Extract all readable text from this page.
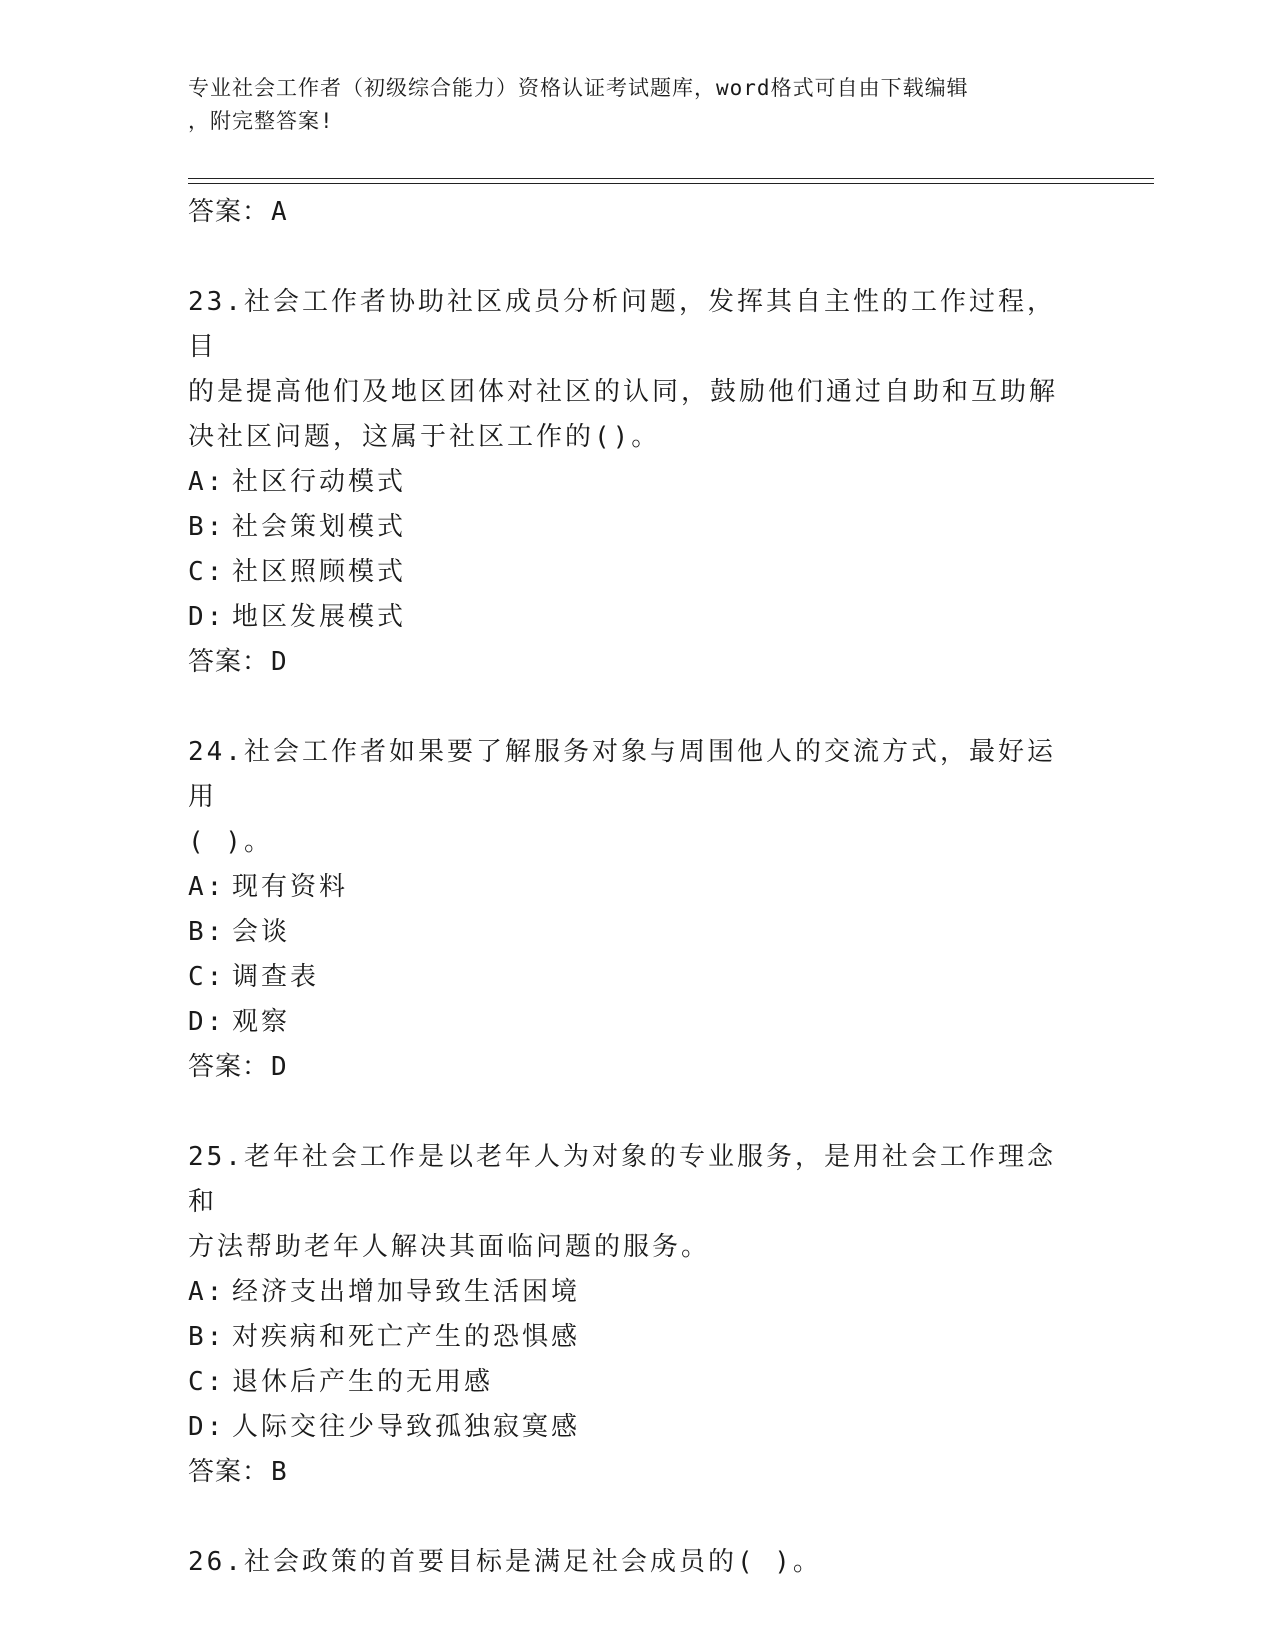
专业社会工作者（初级综合能力）资格认证考试题库，word格式可自由下载编辑
，附完整答案!
答案：A
23.社会工作者协助社区成员分析问题，发挥其自主性的工作过程，目
的是提高他们及地区团体对社区的认同，鼓励他们通过自助和互助解
决社区问题，这属于社区工作的()。
A: 社区行动模式
B: 社会策划模式
C: 社区照顾模式
D: 地区发展模式
答案：D
24.社会工作者如果要了解服务对象与周围他人的交流方式，最好运用
( )。
A: 现有资料
B: 会谈
C: 调查表
D: 观察
答案：D
25.老年社会工作是以老年人为对象的专业服务，是用社会工作理念和
方法帮助老年人解决其面临问题的服务。
A: 经济支出增加导致生活困境
B: 对疾病和死亡产生的恐惧感
C: 退休后产生的无用感
D: 人际交往少导致孤独寂寞感
答案：B
26.社会政策的首要目标是满足社会成员的( )。
